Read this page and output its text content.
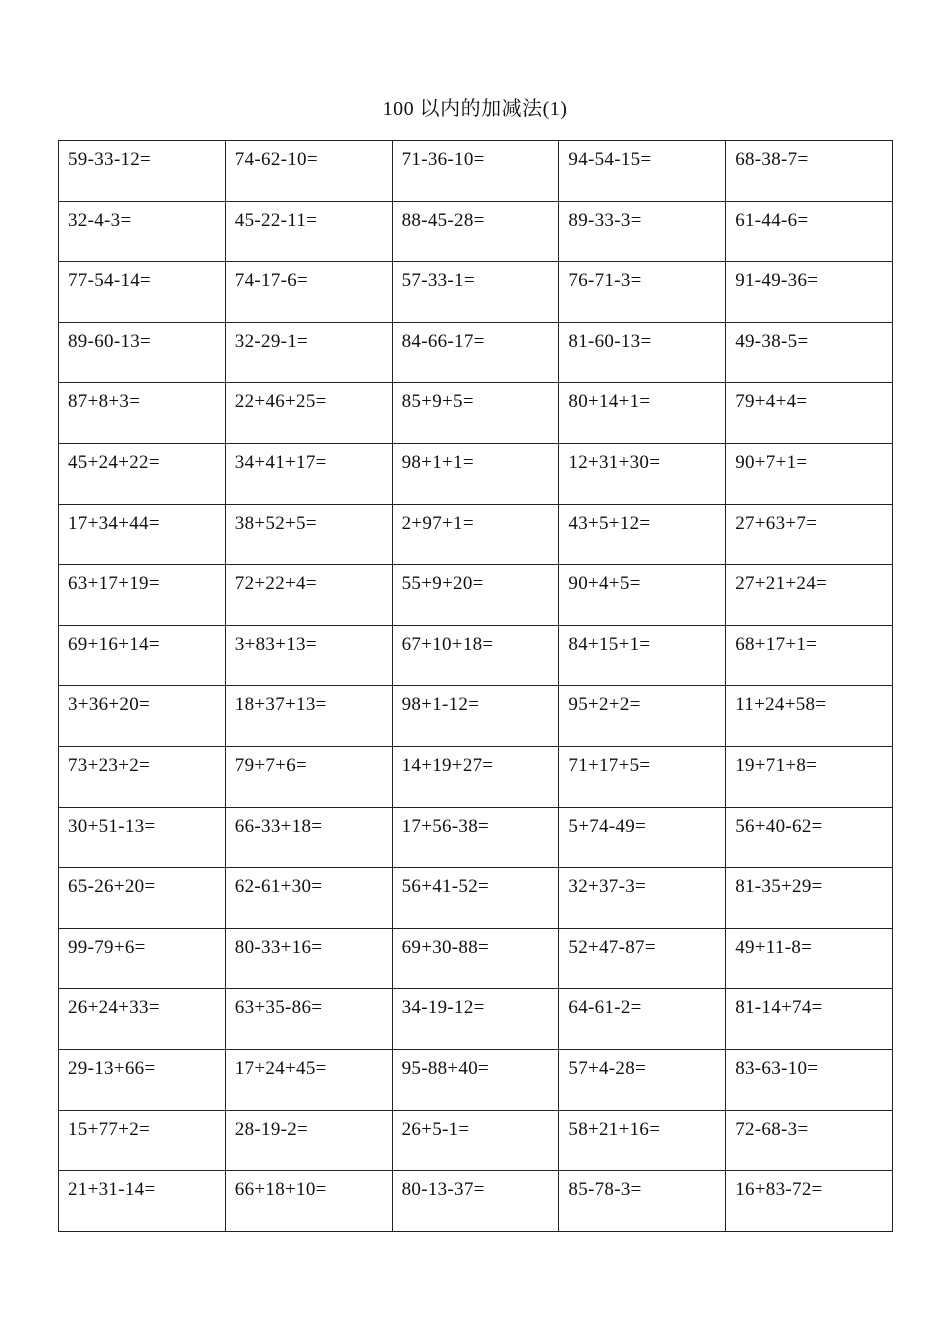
100 以内的加减法(1)
59-33-12=	74-62-10=	71-36-10=	94-54-15=	68-38-7=

32-4-3=	45-22-11=	88-45-28=	89-33-3=	61-44-6=

77-54-14=	74-17-6=	57-33-1=	76-71-3=	91-49-36=

89-60-13=	32-29-1=	84-66-17=	81-60-13=	49-38-5=

87+8+3=	22+46+25=	85+9+5=	80+14+1=	79+4+4=

45+24+22=	34+41+17=	98+1+1=	12+31+30=	90+7+1=

17+34+44=	38+52+5=	2+97+1=	43+5+12=	27+63+7=

63+17+19=	72+22+4=	55+9+20=	90+4+5=	27+21+24=

69+16+14=	3+83+13=	67+10+18=	84+15+1=	68+17+1=

3+36+20=	18+37+13=	98+1-12=	95+2+2=	11+24+58=

73+23+2=	79+7+6=	14+19+27=	71+17+5=	19+71+8=

30+51-13=	66-33+18=	17+56-38=	5+74-49=	56+40-62=

65-26+20=	62-61+30=	56+41-52=	32+37-3=	81-35+29=

99-79+6=	80-33+16=	69+30-88=	52+47-87=	49+11-8=

26+24+33=	63+35-86=	34-19-12=	64-61-2=	81-14+74=

29-13+66=	17+24+45=	95-88+40=	57+4-28=	83-63-10=

15+77+2=	28-19-2=	26+5-1=	58+21+16=	72-68-3=

21+31-14=	66+18+10=	80-13-37=	85-78-3=	16+83-72=
